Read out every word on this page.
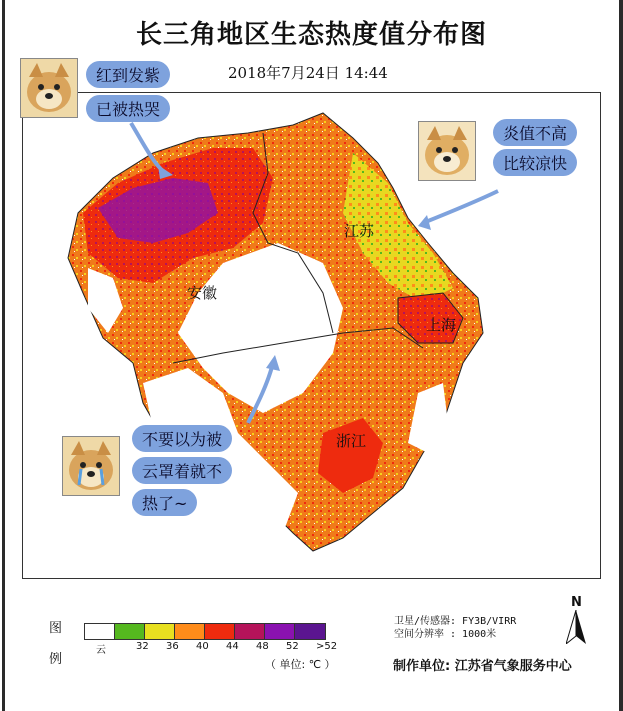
长三角地区生态热度值分布图
2018年7月24日 14:44
江苏
安徽
上海
浙江
红到发紫
已被热哭
炎值不高
比较凉快
不要以为被
云罩着就不
热了~
图
例
云	32 36 40 44 48 52 >52
（ 单位: ℃ ）
卫星/传感器: FY3B/VIRR
空间分辨率 : 1000米
制作单位: 江苏省气象服务中心
N
